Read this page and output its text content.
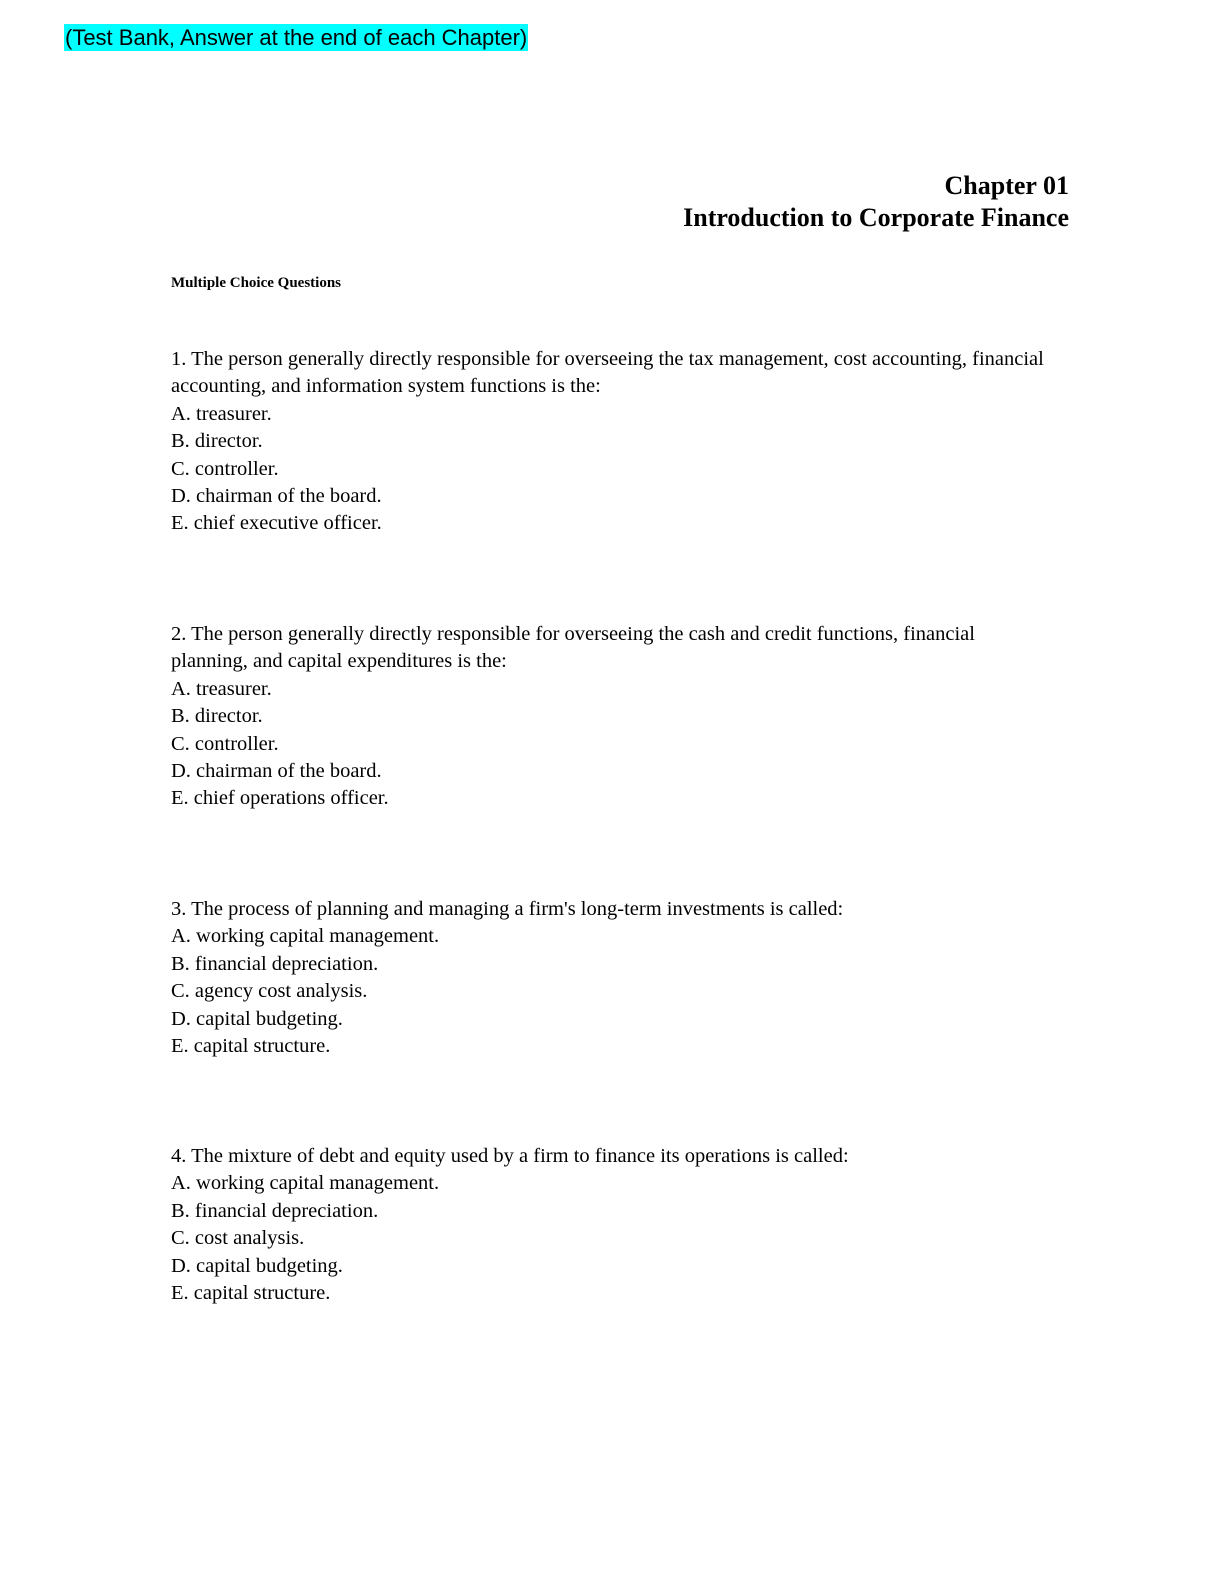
(Test Bank, Answer at the end of each Chapter)
Chapter 01
Introduction to Corporate Finance
Multiple Choice Questions

1. The person generally directly responsible for overseeing the tax management, cost accounting, financial accounting, and information system functions is the:

A. treasurer.
B. director.
C. controller.
D. chairman of the board.
E. chief executive officer.

2. The person generally directly responsible for overseeing the cash and credit functions, financial planning, and capital expenditures is the:

A. treasurer.
B. director.
C. controller.
D. chairman of the board.
E. chief operations officer.

3. The process of planning and managing a firm's long-term investments is called:

A. working capital management.
B. financial depreciation.
C. agency cost analysis.
D. capital budgeting.
E. capital structure.

4. The mixture of debt and equity used by a firm to finance its operations is called:

A. working capital management.
B. financial depreciation.
C. cost analysis.
D. capital budgeting.
E. capital structure.
